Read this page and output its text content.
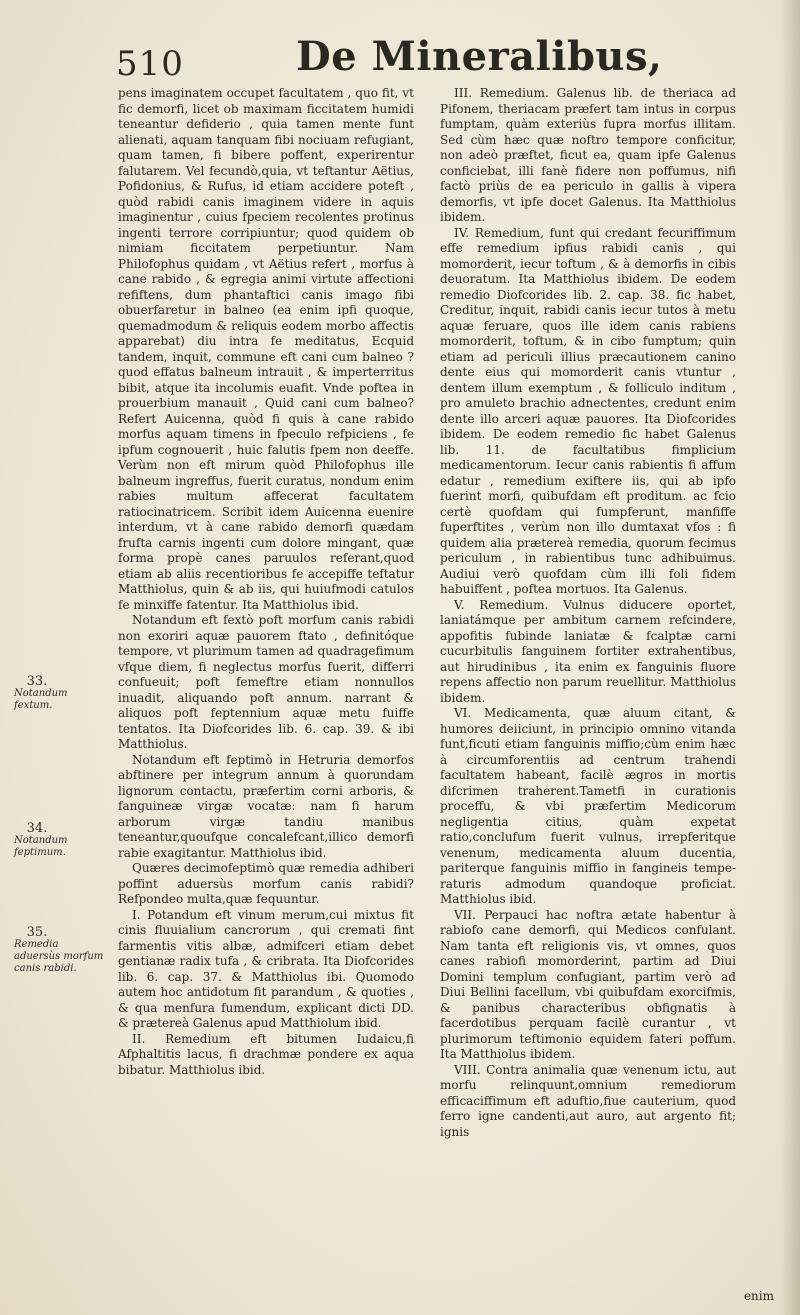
510	De Mineralibus,

pens imaginatem occupet facultatem , quo fit, vt fic demorfi, licet ob maximam ficcitatem humidi teneantur defiderio , quia tamen mente funt alienati, aquam tanquam fibi nociuam refugiant, quam tamen, fi bibere poffent, experirentur falutarem. Vel fecundò,quia, vt teftantur Aëtius, Pofidonius, & Rufus, id etiam accidere poteft , quòd rabidi canis imaginem videre in aquis imaginentur , cuius fpeciem recolentes protinus ingenti terrore corripiuntur; quod quidem ob nimiam ficcitatem perpetiuntur. Nam Philofophus quidam , vt Aëtius refert , morfus à cane rabido , & egregia animi virtute affectioni refiftens, dum phantaftici canis imago fibi obuerfaretur in balneo (ea enim ipfi quoque, quemadmodum & reliquis eodem morbo affectis apparebat) diu intra fe meditatus, Ecquid tandem, inquit, commune eft cani cum balneo ? quod effatus balneum intrauit , & imperterritus bibit, atque ita incolumis euafit. Vnde poftea in prouerbium manauit , Quid cani cum balneo? Refert Auicenna, quòd fi quis à cane rabido morfus aquam timens in fpeculo refpiciens , fe ipfum cognouerit , huic falutis fpem non deeffe. Verùm non eft mirum quòd Philofophus ille balneum ingreffus, fuerit curatus, nondum enim rabies multum affecerat facultatem ratiocinatricem. Scribit idem Auicenna euenire interdum, vt à cane rabido demorfi quædam frufta carnis ingenti cum dolore mingant, quæ forma propè canes paruulos referant,quod etiam ab aliis recentioribus fe accepiffe teftatur Matthiolus, quin & ab iis, qui huiufmodi catulos fe minxiffe fatentur. Ita Matthiolus ibid.

Notandum eft fextò poft morfum canis rabidi non exoriri aquæ pauorem ftato , definitóque tempore, vt plurimum tamen ad quadragefimum vfque diem, fi neglectus morfus fuerit, differri confueuit; poft femeftre etiam nonnullos inuadit, aliquando poft annum. narrant & aliquos poft feptennium aquæ metu fuiffe tentatos. Ita Diofcorides lib. 6. cap. 39. & ibi Matthiolus.

Notandum eft feptimò in Hetruria demorfos abftinere per integrum annum à quorundam lignorum contactu, præfertim corni arboris, & fanguineæ virgæ vocatæ: nam fi harum arborum virgæ tandiu manibus teneantur,quoufque concalefcant,illico demorfi rabie exagitantur. Matthiolus ibid.

Quæres decimofeptimò quæ remedia adhiberi poffint aduersùs morfum canis rabidi? Refpondeo multa,quæ fequuntur.

I. Potandum eft vinum merum,cui mixtus fit cinis fluuialium cancrorum , qui cremati fint farmentis vitis albæ, admifceri etiam debet gentianæ radix tufa , & cribrata. Ita Diofcorides lib. 6. cap. 37. & Matthiolus ibi. Quomodo autem hoc antidotum fit parandum , & quoties , & qua menfura fumendum, explicant dicti DD. & prætereà Galenus apud Matthiolum ibid.

II. Remedium eft bitumen Iudaicu,fi Afphaltitis lacus, fi drachmæ pondere ex aqua bibatur. Matthiolus ibid.

III. Remedium. Galenus lib. de theriaca ad Pifonem, theriacam præfert tam intus in corpus fumptam, quàm exteriùs fupra morfus illitam. Sed cùm hæc quæ noftro tempore conficitur, non adeò præftet, ficut ea, quam ipfe Galenus conficiebat, illi fanè fidere non poffumus, nifi factò priùs de ea periculo in gallis à vipera demorfis, vt ipfe docet Galenus. Ita Matthiolus ibidem.

IV. Remedium, funt qui credant fecuriffimum effe remedium ipfius rabidi canis , qui momorderit, iecur toftum , & à demorfis in cibis deuoratum. Ita Matthiolus ibidem. De eodem remedio Diofcorides lib. 2. cap. 38. fic habet, Creditur, inquit, rabidi canis iecur tutos à metu aquæ feruare, quos ille idem canis rabiens momorderit, toftum, & in cibo fumptum; quin etiam ad periculi illius præcautionem canino dente eius qui momorderit canis vtuntur , dentem illum exemptum , & folliculo inditum , pro amuleto brachio adnectentes, credunt enim dente illo arceri aquæ pauores. Ita Diofcorides ibidem. De eodem remedio fic habet Galenus lib. 11. de facultatibus fimplicium medicamentorum. Iecur canis rabientis fi affum edatur , remedium exiftere iis, qui ab ipfo fuerint morfi, quibufdam eft proditum. ac fcio certè quofdam qui fumpferunt, manfiffe fuperftites , verùm non illo dumtaxat vfos : fi quidem alia prætereà remedia, quorum fecimus periculum , in rabientibus tunc adhibuimus. Audiui verò quofdam cùm illi foli fidem habuiffent , poftea mortuos. Ita Galenus.

V. Remedium. Vulnus diducere oportet, laniatámque per ambitum carnem refcindere, appofitis fubinde laniatæ & fcalptæ carni cucurbitulis fanguinem fortiter extrahentibus, aut hirudinibus , ita enim ex fanguinis fluore repens affectio non parum reuellitur. Matthiolus ibidem.

VI. Medicamenta, quæ aluum citant, & humores deiiciunt, in principio omnino vitanda funt,ficuti etiam fanguinis miffio;cùm enim hæc à circumforentiis ad centrum trahendi facultatem habeant, facilè ægros in mortis difcrimen traherent.Tametfi in curationis proceffu, & vbi præfertim Medicorum negligentia citius, quàm expetat ratio,conclufum fuerit vulnus, irrepferitque venenum, medicamenta aluum ducentia, pariterque fanguinis miffio in fangineis tempe-raturis admodum quandoque proficiat. Matthiolus ibid.

VII. Perpauci hac noftra ætate habentur à rabiofo cane demorfi, qui Medicos confulant. Nam tanta eft religionis vis, vt omnes, quos canes rabiofi momorderint, partim ad Diui Domini templum confugiant, partim verò ad Diui Bellini facellum, vbi quibufdam exorcifmis, & panibus characteribus obfignatis à facerdotibus perquam facilè curantur , vt plurimorum teftimonio equidem fateri poffum. Ita Matthiolus ibidem.

VIII. Contra animalia quæ venenum ictu, aut morfu relinquunt,omnium remediorum efficaciffimum eft aduftio,fiue cauterium, quod ferro igne candenti,aut auro, aut argento fit; ignis

33.
Notandum fextum.
34.
Notandum feptimum.
35.
Remedia aduersùs morfum canis rabidi.
enim
